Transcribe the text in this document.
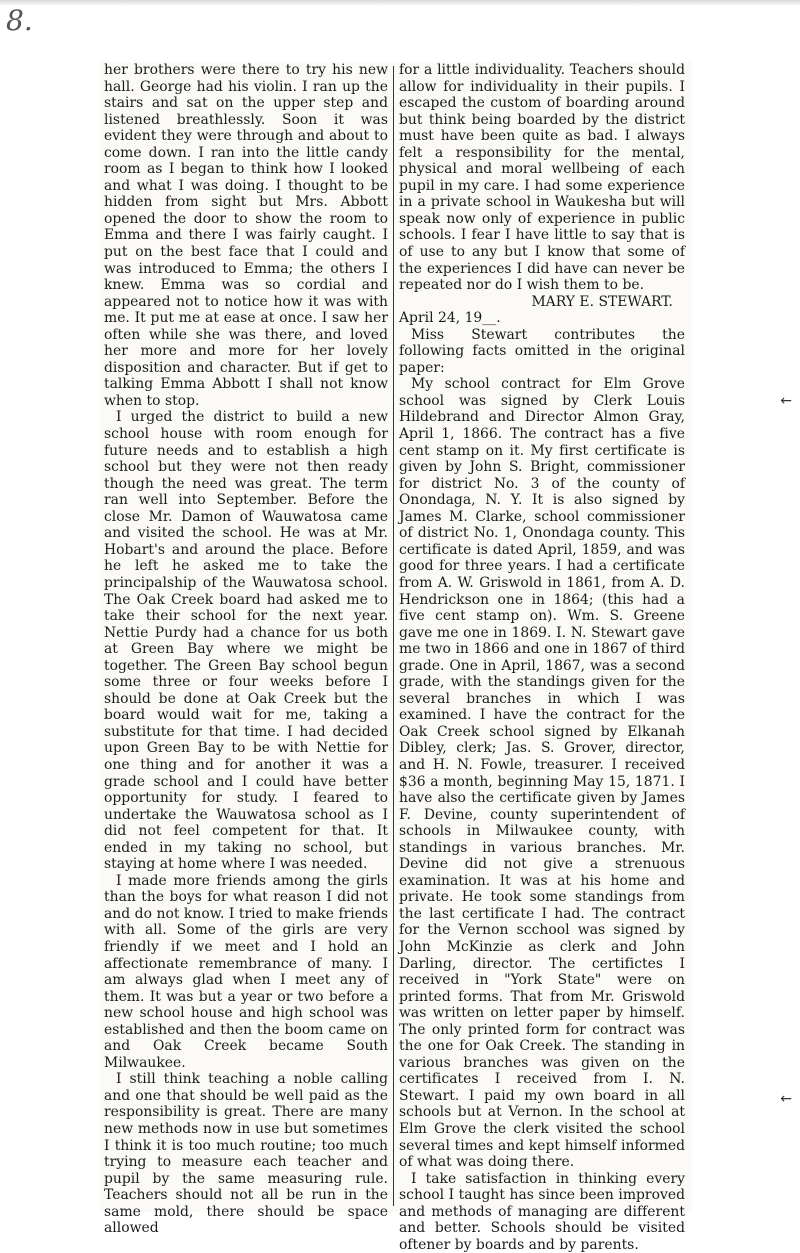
8.
←
←

her brothers were there to try his new hall. George had his violin. I ran up the stairs and sat on the upper step and listened breathlessly. Soon it was evident they were through and about to come down. I ran into the little candy room as I began to think how I looked and what I was doing. I thought to be hidden from sight but Mrs. Abbott opened the door to show the room to Emma and there I was fairly caught. I put on the best face that I could and was introduced to Emma; the others I knew. Emma was so cordial and appeared not to notice how it was with me. It put me at ease at once. I saw her often while she was there, and loved her more and more for her lovely disposition and character. But if get to talking Emma Abbott I shall not know when to stop.

I urged the district to build a new school house with room enough for future needs and to establish a high school but they were not then ready though the need was great. The term ran well into September. Before the close Mr. Damon of Wauwatosa came and visited the school. He was at Mr. Hobart's and around the place. Before he left he asked me to take the principalship of the Wauwatosa school. The Oak Creek board had asked me to take their school for the next year. Nettie Purdy had a chance for us both at Green Bay where we might be together. The Green Bay school begun some three or four weeks before I should be done at Oak Creek but the board would wait for me, taking a substitute for that time. I had decided upon Green Bay to be with Nettie for one thing and for another it was a grade school and I could have better opportunity for study. I feared to undertake the Wauwatosa school as I did not feel competent for that. It ended in my taking no school, but staying at home where I was needed.

I made more friends among the girls than the boys for what reason I did not and do not know. I tried to make friends with all. Some of the girls are very friendly if we meet and I hold an affectionate remembrance of many. I am always glad when I meet any of them. It was but a year or two before a new school house and high school was established and then the boom came on and Oak Creek became South Milwaukee.

I still think teaching a noble calling and one that should be well paid as the responsibility is great. There are many new methods now in use but sometimes I think it is too much routine; too much trying to measure each teacher and pupil by the same measuring rule. Teachers should not all be run in the same mold, there should be space allowed

for a little individuality. Teachers should allow for individuality in their pupils. I escaped the custom of boarding around but think being boarded by the district must have been quite as bad. I always felt a responsibility for the mental, physical and moral wellbeing of each pupil in my care. I had some experience in a private school in Waukesha but will speak now only of experience in public schools. I fear I have little to say that is of use to any but I know that some of the experiences I did have can never be repeated nor do I wish them to be.

MARY E. STEWART.

April 24, 19__.

Miss Stewart contributes the following facts omitted in the original paper:

My school contract for Elm Grove school was signed by Clerk Louis Hildebrand and Director Almon Gray, April 1, 1866. The contract has a five cent stamp on it. My first certificate is given by John S. Bright, commissioner for district No. 3 of the county of Onondaga, N. Y. It is also signed by James M. Clarke, school commissioner of district No. 1, Onondaga county. This certificate is dated April, 1859, and was good for three years. I had a certificate from A. W. Griswold in 1861, from A. D. Hendrickson one in 1864; (this had a five cent stamp on). Wm. S. Greene gave me one in 1869. I. N. Stewart gave me two in 1866 and one in 1867 of third grade. One in April, 1867, was a second grade, with the standings given for the several branches in which I was examined. I have the contract for the Oak Creek school signed by Elkanah Dibley, clerk; Jas. S. Grover, director, and H. N. Fowle, treasurer. I received $36 a month, beginning May 15, 1871. I have also the certificate given by James F. Devine, county superintendent of schools in Milwaukee county, with standings in various branches. Mr. Devine did not give a strenuous examination. It was at his home and private. He took some standings from the last certificate I had. The contract for the Vernon scchool was signed by John McKinzie as clerk and John Darling, director. The certifictes I received in "York State" were on printed forms. That from Mr. Griswold was written on letter paper by himself. The only printed form for contract was the one for Oak Creek. The standing in various branches was given on the certificates I received from I. N. Stewart. I paid my own board in all schools but at Vernon. In the school at Elm Grove the clerk visited the school several times and kept himself informed of what was doing there.

I take satisfaction in thinking every school I taught has since been improved and methods of managing are different and better. Schools should be visited oftener by boards and by parents.
